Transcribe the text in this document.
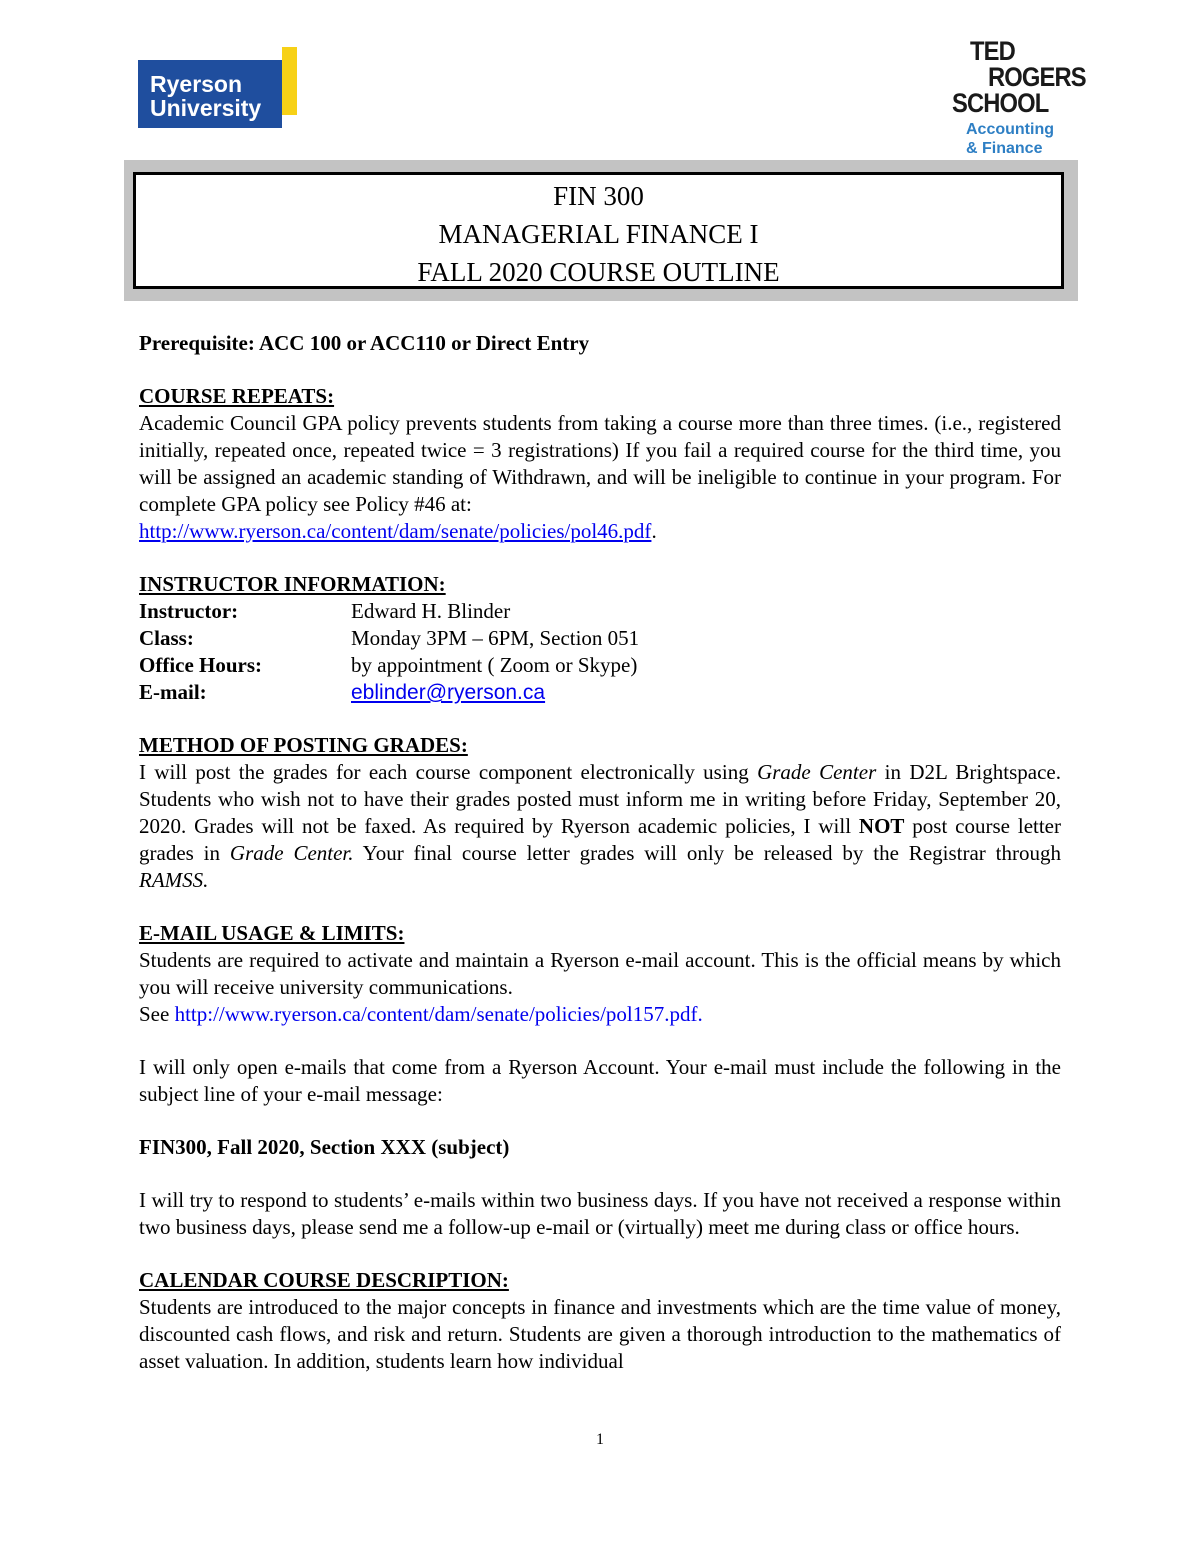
Ryerson
University
TED
ROGERS
SCHOOL
Accounting
& Finance
FIN 300
MANAGERIAL FINANCE I
FALL 2020 COURSE OUTLINE

Prerequisite: ACC 100 or ACC110 or Direct Entry

COURSE REPEATS:

Academic Council GPA policy prevents students from taking a course more than three times. (i.e., registered initially, repeated once, repeated twice = 3 registrations) If you fail a required course for the third time, you will be assigned an academic standing of Withdrawn, and will be ineligible to continue in your program. For complete GPA policy see Policy #46 at:
http://www.ryerson.ca/content/dam/senate/policies/pol46.pdf.

INSTRUCTOR INFORMATION:

Instructor:	Edward H. Blinder
Class:	Monday 3PM – 6PM, Section 051
Office Hours:	by appointment ( Zoom or Skype)
E-mail:	eblinder@ryerson.ca

METHOD OF POSTING GRADES:

I will post the grades for each course component electronically using Grade Center in D2L Brightspace. Students who wish not to have their grades posted must inform me in writing before Friday, September 20, 2020. Grades will not be faxed. As required by Ryerson academic policies, I will NOT post course letter grades in Grade Center. Your final course letter grades will only be released by the Registrar through RAMSS.

E-MAIL USAGE & LIMITS:

Students are required to activate and maintain a Ryerson e-mail account. This is the official means by which you will receive university communications.

See http://www.ryerson.ca/content/dam/senate/policies/pol157.pdf.

I will only open e-mails that come from a Ryerson Account. Your e-mail must include the following in the subject line of your e-mail message:

FIN300, Fall 2020, Section XXX (subject)

I will try to respond to students’ e-mails within two business days. If you have not received a response within two business days, please send me a follow-up e-mail or (virtually) meet me during class or office hours.

CALENDAR COURSE DESCRIPTION:

Students are introduced to the major concepts in finance and investments which are the time value of money, discounted cash flows, and risk and return. Students are given a thorough introduction to the mathematics of asset valuation. In addition, students learn how individual

1
